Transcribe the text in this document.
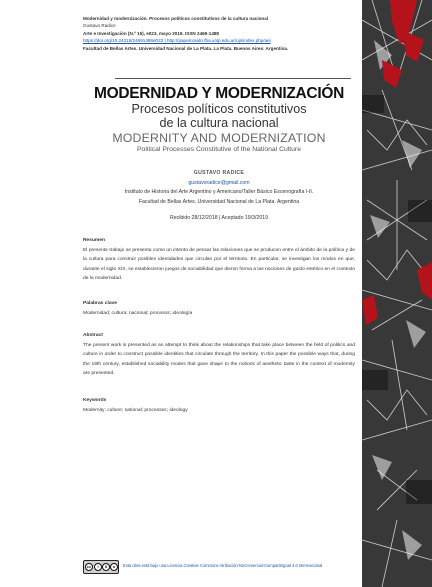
Modernidad y modernización. Procesos políticos constitutivos de la cultura nacional
Gustavo Radice
Arte e Investigación (N.º 15), e023, mayo 2019. ISSN 2469-1488
https://doi.org/10.24215/24691488e023 | http://papelcosido.fba.unlp.edu.ar/ojs/index.php/aei
Facultad de Bellas Artes. Universidad Nacional de La Plata. La Plata. Buenos Aires. Argentina.

MODERNIDAD Y MODERNIZACIÓN

Procesos políticos constitutivos

de la cultura nacional

MODERNITY AND MODERNIZATION

Political Processes Constitutive of the National Culture

GUSTAVO RADICE
gustavoradice@gmail.com
Instituto de Historia del Arte Argentino y Americano/Taller Básico Escenografía I-II.
Facultad de Bellas Artes. Universidad Nacional de La Plata. Argentina
Recibido 28/12/2018 | Aceptado 19/3/2019
Resumen
El presente trabajo se presenta como un intento de pensar las relaciones que se producen entre el ámbito de la política y de la cultura para construir posibles identidades que circulan por el territorio. En particular, se investigan los modos en que, durante el siglo XIX, se establecieron juegos de sociabilidad que dieron forma a las nociones de gusto estético en el contexto de la modernidad.
Palabras clave
Modernidad; cultura; nacional; procesos; ideología
Abstract
The present work is presented as an attempt to think about the relationships that take place between the field of politics and culture in order to construct possible identities that circulate through the territory. In this paper the possible ways that, during the 19th century, established sociability modes that gave shape to the notions of aesthetic taste in the context of modernity are presented.
Keywords
Modernity; culture; national; processes; ideology
cc	i	$	o	Esta obra está bajo una Licencia Creative Commons Atribución-NoComercial-CompartirIgual 4.0 Internacional
